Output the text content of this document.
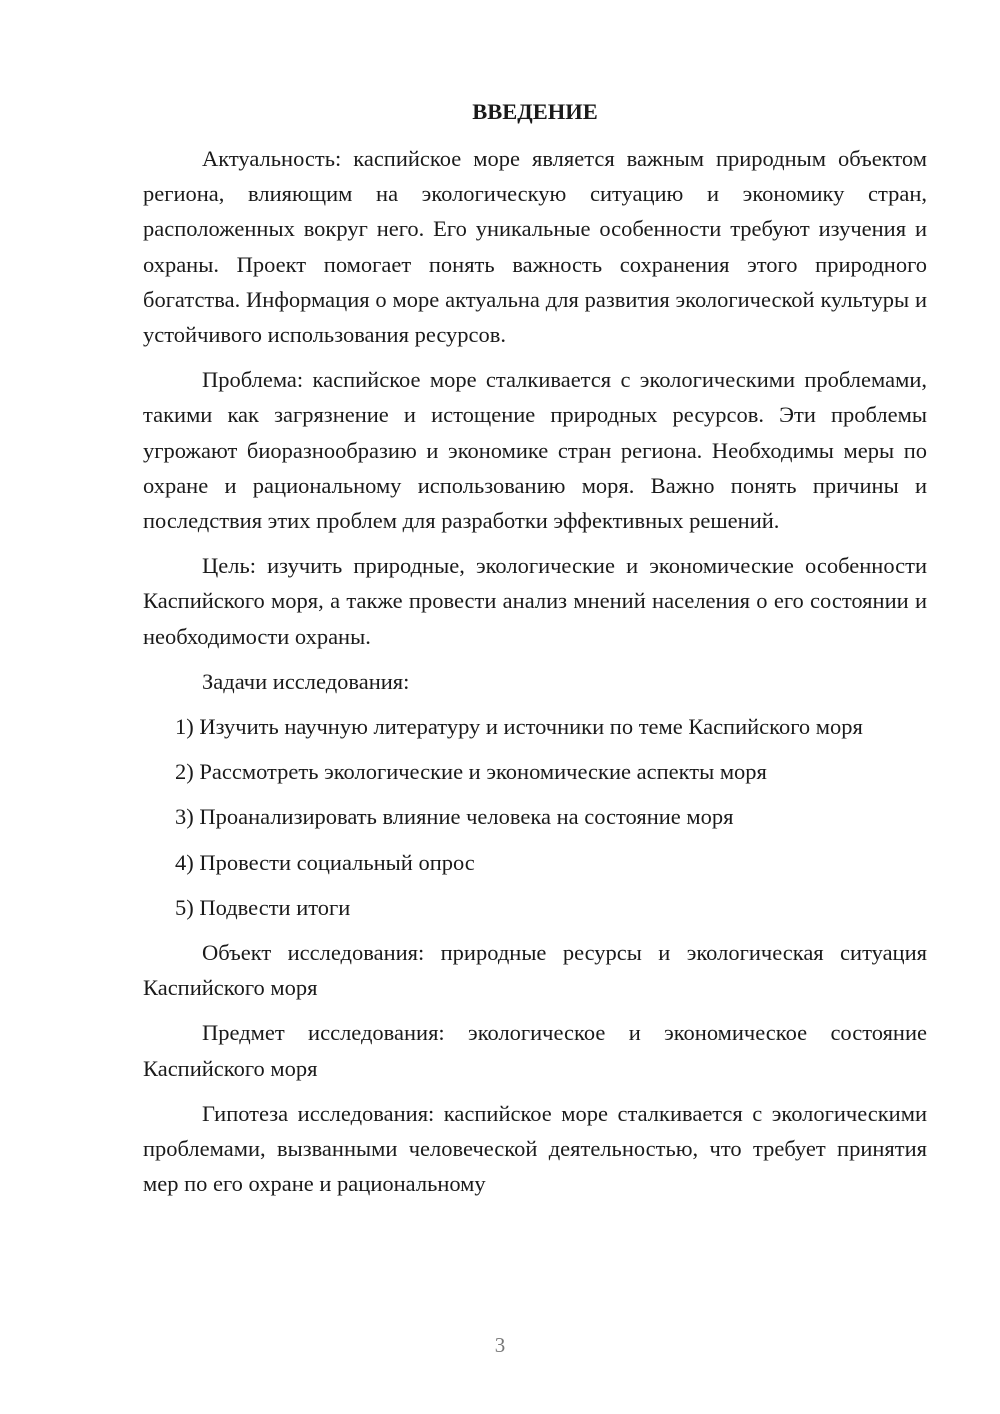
ВВЕДЕНИЕ

Актуальность: каспийское море является важным природным объектом региона, влияющим на экологическую ситуацию и экономику стран, расположенных вокруг него. Его уникальные особенности требуют изучения и охраны. Проект помогает понять важность сохранения этого природного богатства. Информация о море актуальна для развития экологической культуры и устойчивого использования ресурсов.

Проблема: каспийское море сталкивается с экологическими проблемами, такими как загрязнение и истощение природных ресурсов. Эти проблемы угрожают биоразнообразию и экономике стран региона. Необходимы меры по охране и рациональному использованию моря. Важно понять причины и последствия этих проблем для разработки эффективных решений.

Цель: изучить природные, экологические и экономические особенности Каспийского моря, а также провести анализ мнений населения о его состоянии и необходимости охраны.

Задачи исследования:

1) Изучить научную литературу и источники по теме Каспийского моря

2) Рассмотреть экологические и экономические аспекты моря

3) Проанализировать влияние человека на состояние моря

4) Провести социальный опрос

5) Подвести итоги

Объект исследования: природные ресурсы и экологическая ситуация Каспийского моря

Предмет исследования: экологическое и экономическое состояние Каспийского моря

Гипотеза исследования: каспийское море сталкивается с экологическими проблемами, вызванными человеческой деятельностью, что требует принятия мер по его охране и рациональному

3
